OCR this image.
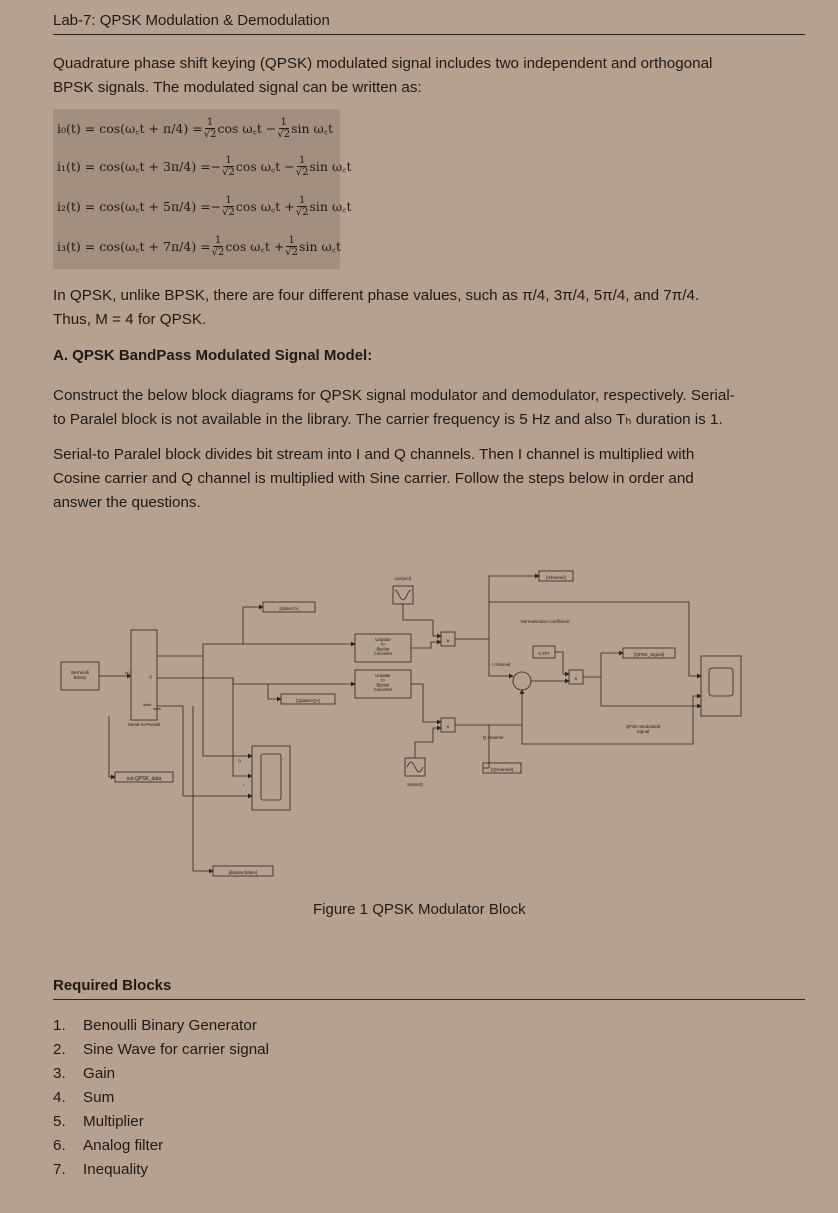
Lab-7: QPSK Modulation & Demodulation

Quadrature phase shift keying (QPSK) modulated signal includes two independent and orthogonal
BPSK signals. The modulated signal can be written as:

i₀(t) = cos(ω꜀t + $\pi/4) = \frac{1}{√2}$ cos ω꜀t − $\frac{1}{√2}$ sin ω꜀t
i₁(t) = cos(ω꜀t + 3π/4) = − $\frac{1}{√2}$ cos ω꜀t − $\frac{1}{√2}$ sin ω꜀t
i₂(t) = cos(ω꜀t + 5π/4) = − $\frac{1}{√2}$ cos ω꜀t + $\frac{1}{√2}$ sin ω꜀t
i₃(t) = cos(ω꜀t + $7\pi/4) = \frac{1}{√2}$ cos ω꜀t + $\frac{1}{√2}$ sin ω꜀t

In QPSK, unlike BPSK, there are four different phase values, such as π/4, 3π/4, 5π/4, and 7π/4.
Thus, M = 4 for QPSK.

A. QPSK BandPass Modulated Signal Model:

Construct the below block diagrams for QPSK signal modulator and demodulator, respectively. Serial-
to Paralel block is not available in the library. The carrier frequency is 5 Hz and also Tₕ duration is 1.

Serial-to Paralel block divides bit stream into I and Q channels. Then I channel is multiplied with
Cosine carrier and Q channel is multiplied with Sine carrier. Follow the steps below in order and
answer the questions.

Bernoulli
Binary
Serial-to-Paralel
In1
Q
data
data
I
Q
[Idata<I>]
[Qdata<Q>]
[datain<data>]
out.QPSK_data
Unipolar
to
Bipolar
Converter
Unipolar
to
Bipolar
Converter
cos(wct)
sin(wct)
[Ichannel]
[Qchannel]
Normalization coefficient
0.707
I channel
Q channel
[QPSK_Signal]
QPSK Modulated
Signal
×
×
×
Figure 1 QPSK Modulator Block
Required Blocks
1. Benoulli Binary Generator
2. Sine Wave for carrier signal
3. Gain
4. Sum
5. Multiplier
6. Analog filter
7. Inequality
